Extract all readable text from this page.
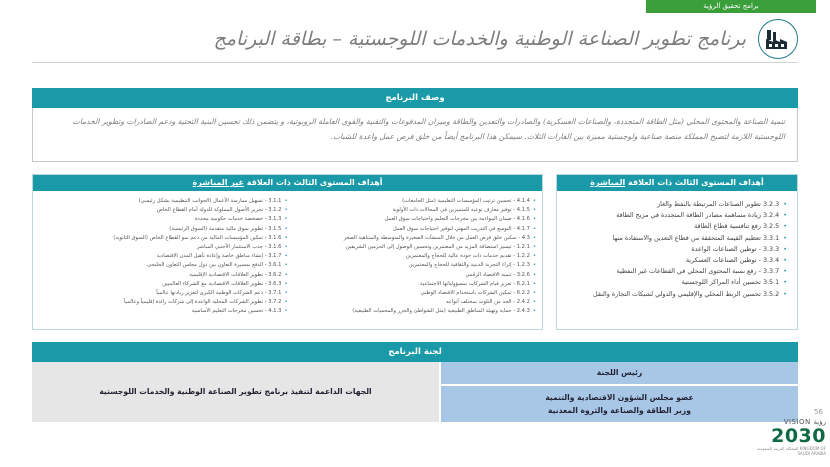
برامج تحقيق الرؤية
برنامج تطوير الصناعة الوطنية والخدمات اللوجستية – بطاقة البرنامج
وصف البرنامج
تنمية الصناعة والمحتوى المحلي (مثل الطاقة المتجددة، والصناعات العسكرية) والصادرات والتعدين والطاقة وميزان المدفوعات والتقنية والقوى العاملة الروبوتية، و يتضمن ذلك تحسين البنية التحتية ودعم الصادرات وتطوير الخدمات اللوجستية اللازمة لتصبح المملكة منصة صناعية ولوجستية مميزة بين القارات الثلاث. سيمكن هذا البرنامج أيضاً من خلق فرص عمل واعدة للشباب.
أهداف المستوى الثالث ذات العلاقة غير المباشرة
• 3.1.1 - تسهيل ممارسة الأعمال (الجوانب التنظيمية بشكل رئيسي)
• 3.1.2 - تحرير الأصول المملوكة للدولة أمام القطاع الخاص
• 3.1.3 - خصخصة خدمات حكومية محددة
• 3.1.5 - تطوير سوق مالية متقدمة (السوق الرئيسية)
• 3.1.6 - تمكين المؤسسات المالية من دعم نمو القطاع الخاص (السوق الثانوية)
• 3.1.6 - جذب الاستثمار الأجنبي المباشر
• 3.1.7 - إنشاء مناطق خاصة وإعادة تأهيل المدن الاقتصادية
• 3.6.1 - الدفع بمسيرة التعاون بين دول مجلس التعاون الخليجي
• 3.6.2 - تطوير العلاقات الاقتصادية الإقليمية
• 3.6.3 - تطوير العلاقات الاقتصادية مع الشركاء العالميين
• 3.7.1 - دعم الشركات الوطنية الكبرى لتعزيز ريادتها عالمياً
• 3.7.2 - تطوير الشركات المحلية الواعدة إلى شركات رائدة إقليمياً وعالمياً
• 4.1.3 - تحسين مخرجات التعليم الأساسية
• 4.1.4 - تحسين ترتيب المؤسسات التعليمية (مثل الجامعات)
• 4.1.5 - توفير معارف نوعية للمتميزين في المجالات ذات الأولوية
• 4.1.6 - ضمان المواءمة بين مخرجات التعليم واحتياجات سوق العمل
• 4.1.7 - التوسع في التدريب المهني لتوفير احتياجات سوق العمل
• 4.3 - تمكين خلق فرص العمل من خلال المنشآت الصغيرة والمتوسطة والمتناهية الصغر
• 1.2.1 - تيسير استضافة المزيد من المعتمرين وتحسين الوصول إلى الحرمين الشريفين
• 1.2.2 - تقديم خدمات ذات جودة عالية للحجاج والمعتمرين
• 1.2.3 - إثراء التجربة الدينية والثقافية للحجاج والمعتمرين
• 3.2.6 - تنمية الاقتصاد الرقمي
• 6.2.1 - تعزيز قيام الشركات بمسؤولياتها الاجتماعية
• 6.2.2 - تمكين الشركات باستخدام الاقتصاد الوطني
• 2.4.2 - الحد من التلوث بمختلف أنواعه
• 2.4.3 - حماية وتهيئة المناطق الطبيعية (مثل الشواطئ والجزر والمحميات الطبيعية)
أهداف المستوى الثالث ذات العلاقة المباشرة
• 3.2.3 تطوير الصناعات المرتبطة بالنفط والغاز
• 3.2.4 زيادة مساهمة مصادر الطاقة المتجددة في مزيج الطاقة
• 3.2.5 رفع تنافسية قطاع الطاقة
• 3.3.1 تعظيم القيمة المتحققة من قطاع التعدين والاستفادة منها
• 3.3.3 - توطين الصناعات الواعدة
• 3.3.4 - توطين الصناعات العسكرية
• 3.3.7 - رفع نسبة المحتوى المحلي في القطاعات غير النفطية
• 3.5.1 تحسين أداء المراكز اللوجستية
• 3.5.2 تحسين الربط المحلي والإقليمي والدولي لشبكات التجارة والنقل
لجنة البرنامج
رئيس اللجنة
عضو مجلس الشؤون الاقتصادية والتنمية
وزير الطاقة والصناعة والثروة المعدنية
الجهات الداعمة لتنفيذ برنامج تطوير الصناعة الوطنية والخدمات اللوجستية
56
VISION رؤية
2030
المملكة العربية السعودية KINGDOM OF SAUDI ARABIA
